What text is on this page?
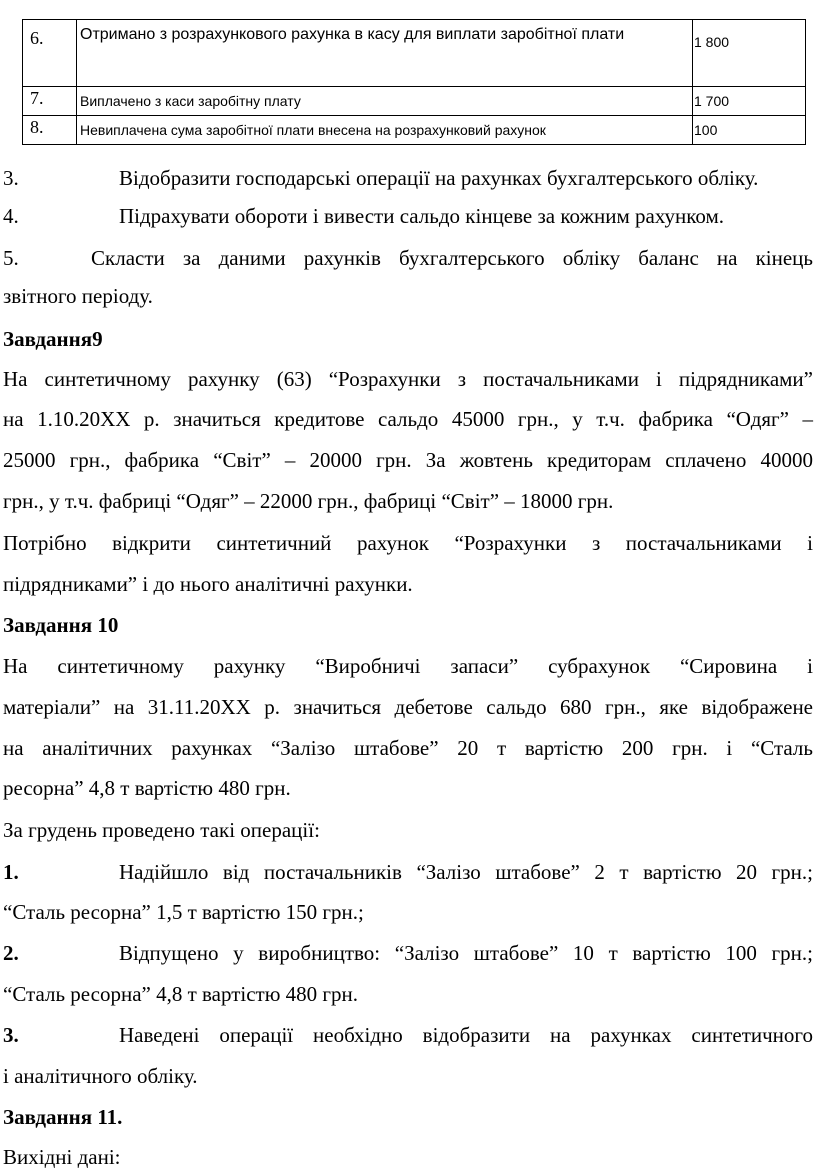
6.	Отримано з розрахункового рахунка в касу для виплати заробітної плати	1 800
7.	Виплачено з каси заробітну плату	1 700
8.	Невиплачена сума заробітної плати внесена на розрахунковий рахунок	100
3.	Відобразити господарські операції на рахунках бухгалтерського обліку.
4.	Підрахувати обороти і вивести сальдо кінцеве за кожним рахунком.
5.	Скласти за даними рахунків бухгалтерського обліку баланс на кінець
звітного періоду.
Завдання9
На синтетичному рахунку (63) “Розрахунки з постачальниками і підрядниками”
на 1.10.20ХХ р. значиться кредитове сальдо 45000 грн., у т.ч. фабрика “Одяг” –
25000 грн., фабрика “Світ” – 20000 грн. За жовтень кредиторам сплачено 40000
грн., у т.ч. фабриці “Одяг” – 22000 грн., фабриці “Світ” – 18000 грн.
Потрібно відкрити синтетичний рахунок “Розрахунки з постачальниками і
підрядниками” і до нього аналітичні рахунки.
Завдання 10
На синтетичному рахунку “Виробничі запаси” субрахунок “Сировина і
матеріали” на 31.11.20ХХ р. значиться дебетове сальдо 680 грн., яке відображене
на аналітичних рахунках “Залізо штабове” 20 т вартістю 200 грн. і “Сталь
ресорна” 4,8 т вартістю 480 грн.
За грудень проведено такі операції:
1.	Надійшло від постачальників “Залізо штабове” 2 т вартістю 20 грн.;
“Сталь ресорна” 1,5 т вартістю 150 грн.;
2.	Відпущено у виробництво: “Залізо штабове” 10 т вартістю 100 грн.;
“Сталь ресорна” 4,8 т вартістю 480 грн.
3.	Наведені операції необхідно відобразити на рахунках синтетичного
і аналітичного обліку.
Завдання 11.
Вихідні дані:
